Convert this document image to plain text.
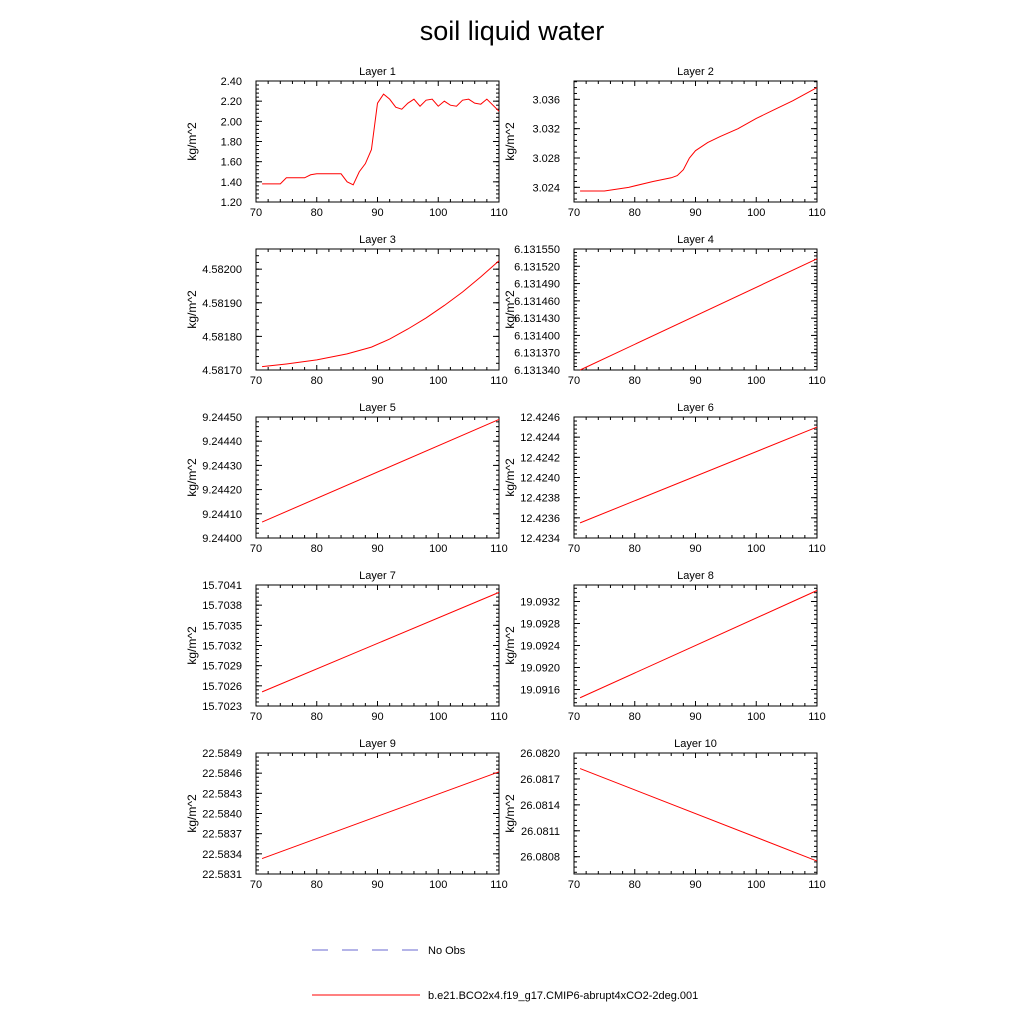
soil liquid water
Layer 1
kg/m^2
70	80	90	100	110
1.20
1.40
1.60
1.80
2.00
2.20
2.40
Layer 2
kg/m^2
70	80	90	100	110
3.024
3.028
3.032
3.036
Layer 3
kg/m^2
70	80	90	100	110
4.58170
4.58180
4.58190
4.58200
Layer 4
kg/m^2
70	80	90	100	110
6.131340
6.131370
6.131400
6.131430
6.131460
6.131490
6.131520
6.131550
Layer 5
kg/m^2
70	80	90	100	110
9.24400
9.24410
9.24420
9.24430
9.24440
9.24450
Layer 6
kg/m^2
70	80	90	100	110
12.4234
12.4236
12.4238
12.4240
12.4242
12.4244
12.4246
Layer 7
kg/m^2
70	80	90	100	110
15.7023
15.7026
15.7029
15.7032
15.7035
15.7038
15.7041
Layer 8
kg/m^2
70	80	90	100	110
19.0916
19.0920
19.0924
19.0928
19.0932
Layer 9
kg/m^2
70	80	90	100	110
22.5831
22.5834
22.5837
22.5840
22.5843
22.5846
22.5849
Layer 10
kg/m^2
70	80	90	100	110
26.0808
26.0811
26.0814
26.0817
26.0820
No Obs
b.e21.BCO2x4.f19_g17.CMIP6-abrupt4xCO2-2deg.001
